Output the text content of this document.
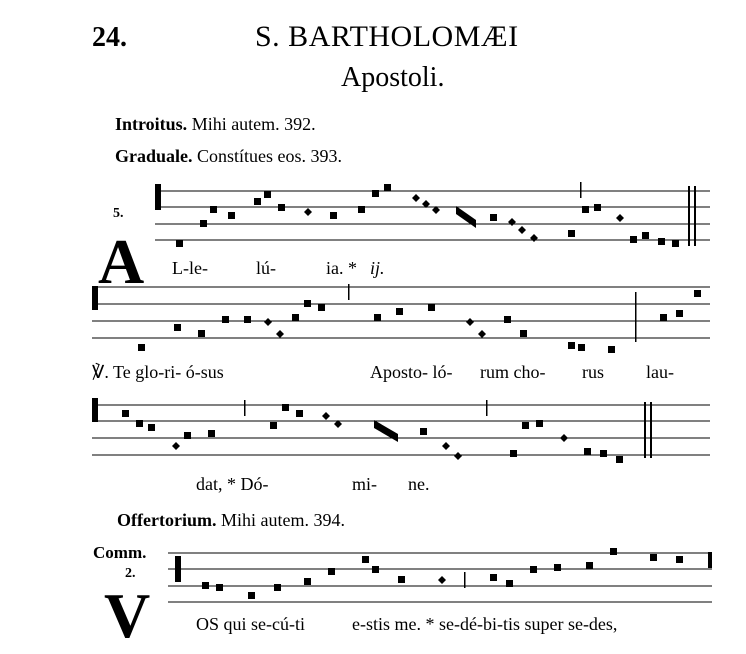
24.	S. BARTHOLOMÆI
Apostoli.
Introitus. Mihi autem. 392.
Graduale. Constítues eos. 393.
5.
A L-le-	lú-	ia. * ij.
℣. Te glo-ri- ó-sus	Aposto- ló- rum cho- rus lau-
dat, * Dó-	mi- ne.
Offertorium. Mihi autem. 394.
Comm.
2.
V	OS qui se-cú-ti	e-stis me. * se-dé-bi-tis super se-des,
